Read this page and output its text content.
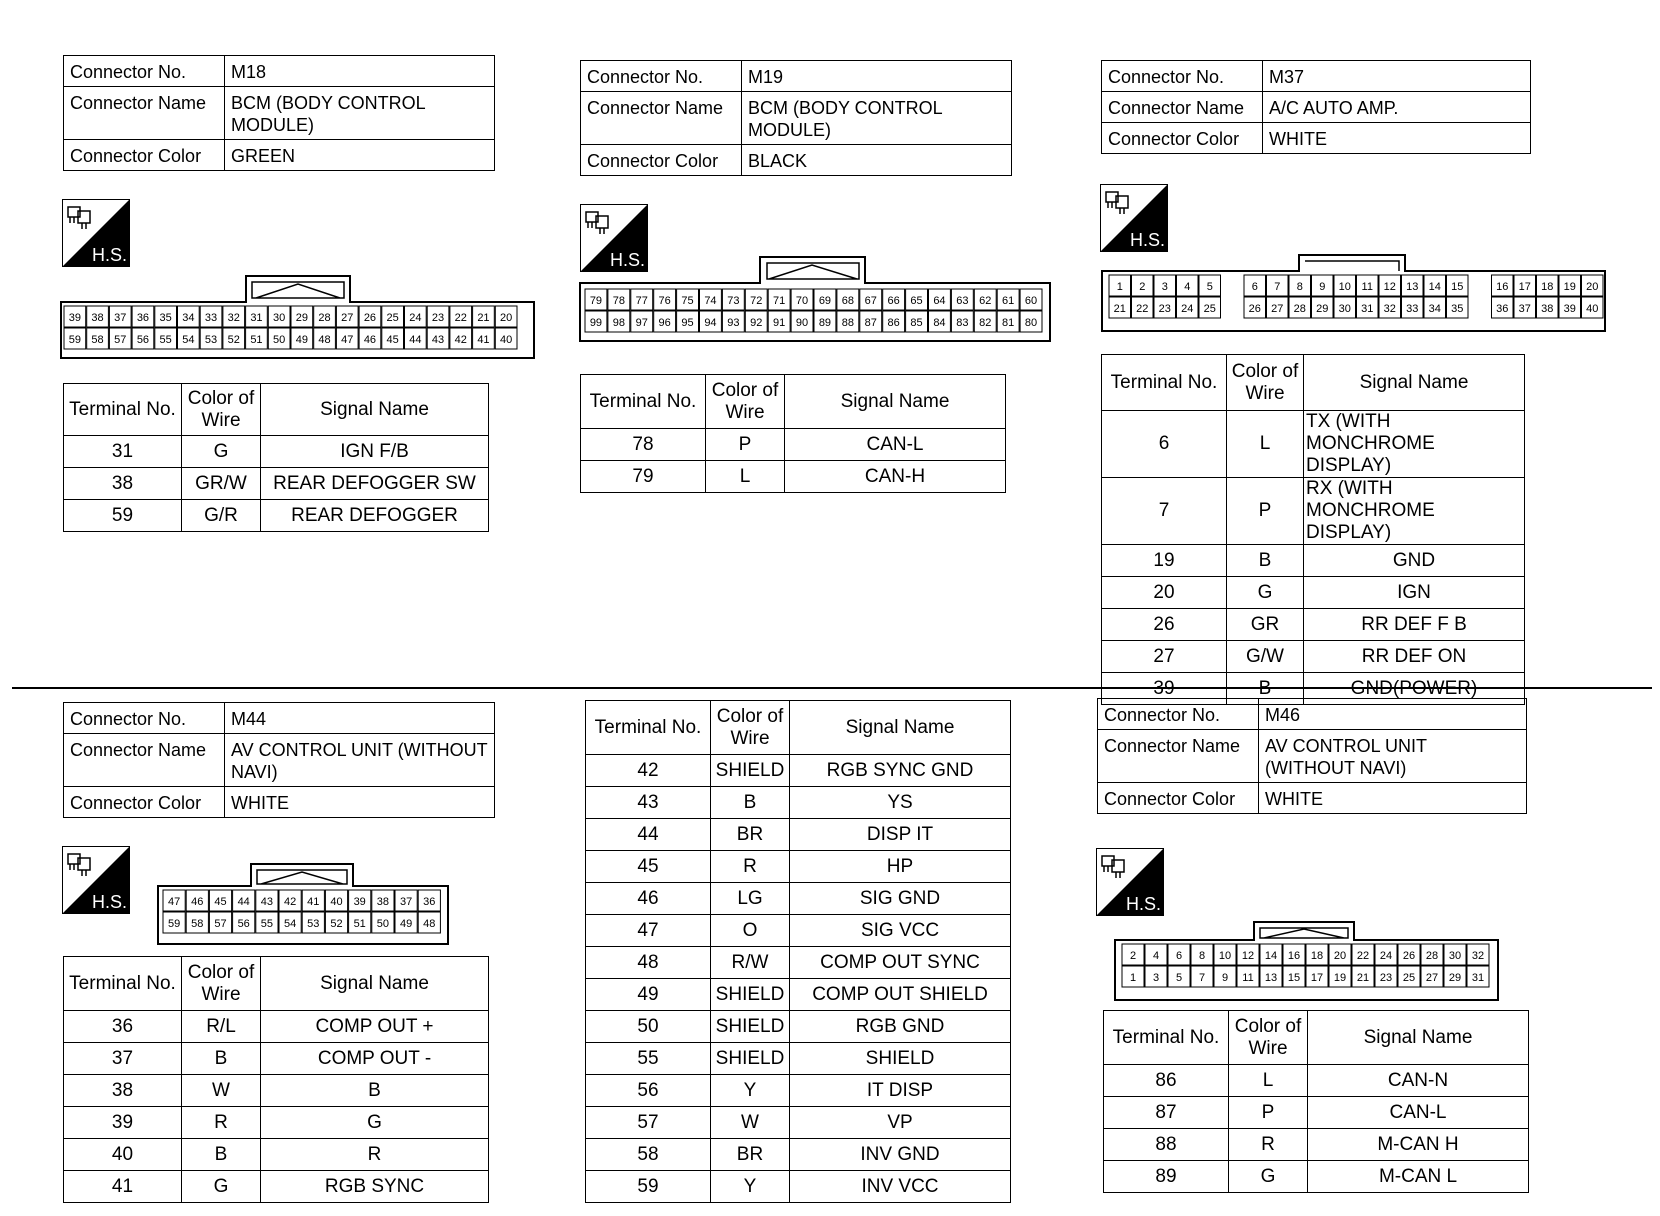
Connector No.	M18
Connector Name	BCM (BODY CONTROL MODULE)
Connector Color	GREEN
H.S.
39 38 37 36 35 34 33 32 31 30 29 28 27 26 25 24 23 22 21 20
59 58 57 56 55 54 53 52 51 50 49 48 47 46 45 44 43 42 41 40
Terminal No.	Color of Wire	Signal Name
31	G	IGN F/B
38	GR/W	REAR DEFOGGER SW
59	G/R	REAR DEFOGGER
Connector No.	M19
Connector Name	BCM (BODY CONTROL MODULE)
Connector Color	BLACK
H.S.
79 78 77 76 75 74 73 72 71 70 69 68 67 66 65 64 63 62 61 60
99 98 97 96 95 94 93 92 91 90 89 88 87 86 85 84 83 82 81 80
Terminal No.	Color of Wire	Signal Name
78	P	CAN-L
79	L	CAN-H
Connector No.	M37
Connector Name	A/C AUTO AMP.
Connector Color	WHITE
H.S.
1 2 3 4 5	6 7 8 9 10 11 12 13 14 15	16 17 18 19 20
21 22 23 24 25	26 27 28 29 30 31 32 33 34 35	36 37 38 39 40
Terminal No.	Color of Wire	Signal Name
6	L	TX (WITH MONCHROME DISPLAY)
7	P	RX (WITH MONCHROME DISPLAY)
19	B	GND
20	G	IGN
26	GR	RR DEF F B
27	G/W	RR DEF ON
39	B	GND(POWER)
Connector No.	M44
Connector Name	AV CONTROL UNIT (WITHOUT NAVI)
Connector Color	WHITE
H.S.	47 46 45 44 43 42 41 40 39 38 37 36
59 58 57 56 55 54 53 52 51 50 49 48
Terminal No.	Color of Wire	Signal Name
36	R/L	COMP OUT +
37	B	COMP OUT -
38	W	B
39	R	G
40	B	R
41	G	RGB SYNC
Terminal No.	Color of Wire	Signal Name
42	SHIELD	RGB SYNC GND
43	B	YS
44	BR	DISP IT
45	R	HP
46	LG	SIG GND
47	O	SIG VCC
48	R/W	COMP OUT SYNC
49	SHIELD	COMP OUT SHIELD
50	SHIELD	RGB GND
55	SHIELD	SHIELD
56	Y	IT DISP
57	W	VP
58	BR	INV GND
59	Y	INV VCC
Connector No.	M46
Connector Name	AV CONTROL UNIT (WITHOUT NAVI)
Connector Color	WHITE
H.S.
2 4 6 8 10 12 14 16 18 20 22 24 26 28 30 32
1 3 5 7 9 11 13 15 17 19 21 23 25 27 29 31
Terminal No.	Color of Wire	Signal Name
86	L	CAN-N
87	P	CAN-L
88	R	M-CAN H
89	G	M-CAN L
